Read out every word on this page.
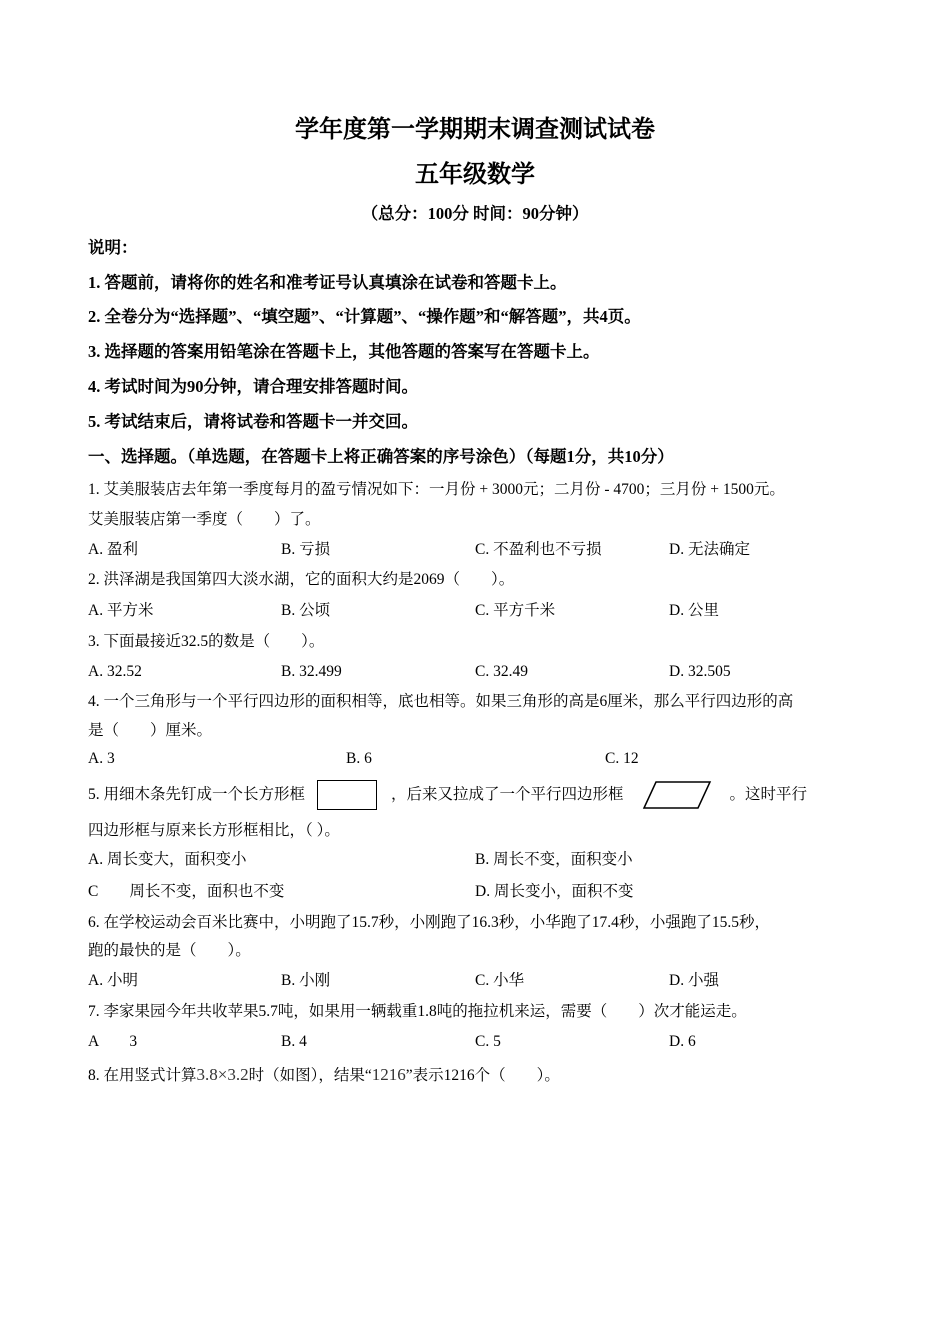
学年度第一学期期末调查测试试卷
五年级数学
（总分：100分 时间：90分钟）
说明：
1. 答题前，请将你的姓名和准考证号认真填涂在试卷和答题卡上。
2. 全卷分为“选择题”、“填空题”、“计算题”、“操作题”和“解答题”，共4页。
3. 选择题的答案用铅笔涂在答题卡上，其他答题的答案写在答题卡上。
4. 考试时间为90分钟，请合理安排答题时间。
5. 考试结束后，请将试卷和答题卡一并交回。
一、选择题。（单选题，在答题卡上将正确答案的序号涂色）（每题1分，共10分）
1. 艾美服装店去年第一季度每月的盈亏情况如下：一月份 + 3000元；二月份 - 4700；三月份 + 1500元。
艾美服装店第一季度（　　）了。
A. 盈利	B. 亏损	C. 不盈利也不亏损	D. 无法确定
2. 洪泽湖是我国第四大淡水湖，它的面积大约是2069（　　）。
A. 平方米	B. 公顷	C. 平方千米	D. 公里
3. 下面最接近32.5的数是（　　）。
A. 32.52	B. 32.499	C. 32.49	D. 32.505
4. 一个三角形与一个平行四边形的面积相等，底也相等。如果三角形的高是6厘米，那么平行四边形的高
是（　　）厘米。
A. 3	B. 6	C. 12
5. 用细木条先钉成一个长方形框	，后来又拉成了一个平行四边形框	。这时平行
四边形框与原来长方形框相比，（ ）。
A. 周长变大，面积变小	B. 周长不变，面积变小
C　　周长不变，面积也不变	D. 周长变小，面积不变
6. 在学校运动会百米比赛中，小明跑了15.7秒，小刚跑了16.3秒，小华跑了17.4秒，小强跑了15.5秒，
跑的最快的是（　　）。
A. 小明	B. 小刚	C. 小华	D. 小强
7. 李家果园今年共收苹果5.7吨，如果用一辆载重1.8吨的拖拉机来运，需要（　　）次才能运走。
A　　3	B. 4	C. 5	D. 6
8. 在用竖式计算3.8×3.2时（如图），结果“1216”表示1216个（　　）。
